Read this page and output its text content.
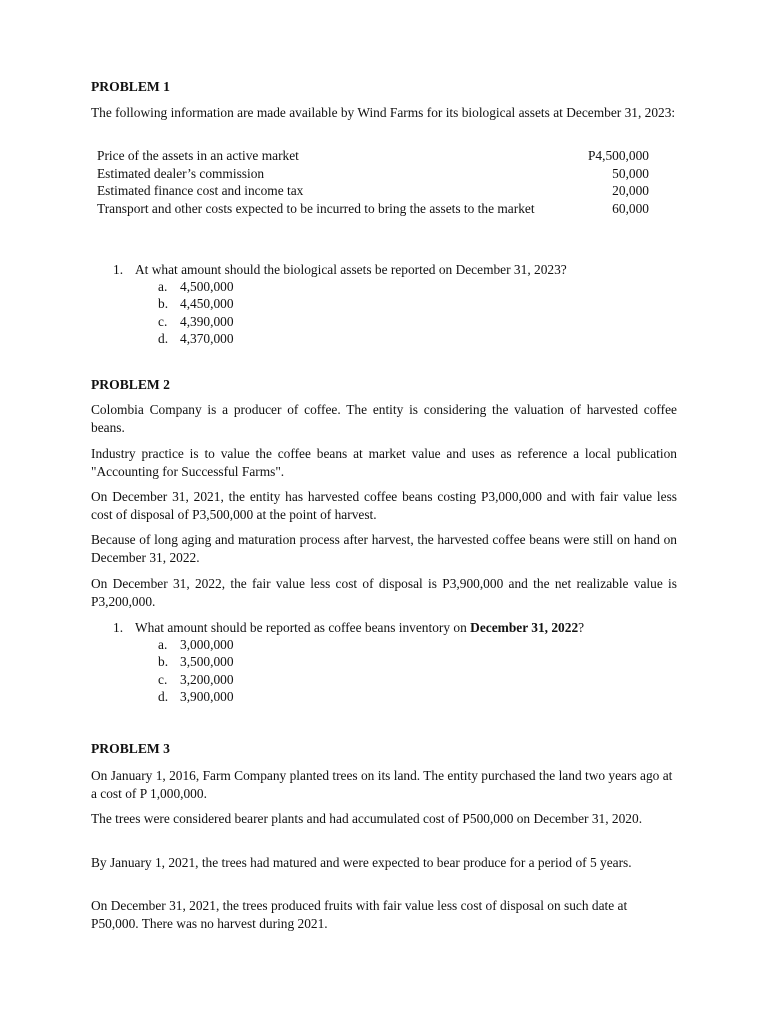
PROBLEM 1

The following information are made available by Wind Farms for its biological assets at December 31, 2023:

Price of the assets in an active market	P4,500,000
Estimated dealer’s commission	50,000
Estimated finance cost and income tax	20,000
Transport and other costs expected to be incurred to bring the assets to the market	60,000
1. At what amount should the biological assets be reported on December 31, 2023?
a. 4,500,000
b. 4,450,000
c. 4,390,000
d. 4,370,000
PROBLEM 2

Colombia Company is a producer of coffee. The entity is considering the valuation of harvested coffee beans.

Industry practice is to value the coffee beans at market value and uses as reference a local publication "Accounting for Successful Farms".

On December 31, 2021, the entity has harvested coffee beans costing P3,000,000 and with fair value less cost of disposal of P3,500,000 at the point of harvest.

Because of long aging and maturation process after harvest, the harvested coffee beans were still on hand on December 31, 2022.

On December 31, 2022, the fair value less cost of disposal is P3,900,000 and the net realizable value is P3,200,000.

1. What amount should be reported as coffee beans inventory on December 31, 2022?
a. 3,000,000
b. 3,500,000
c. 3,200,000
d. 3,900,000
PROBLEM 3

On January 1, 2016, Farm Company planted trees on its land. The entity purchased the land two years ago at a cost of P 1,000,000.

The trees were considered bearer plants and had accumulated cost of P500,000 on December 31, 2020.

By January 1, 2021, the trees had matured and were expected to bear produce for a period of 5 years.

On December 31, 2021, the trees produced fruits with fair value less cost of disposal on such date at P50,000. There was no harvest during 2021.
